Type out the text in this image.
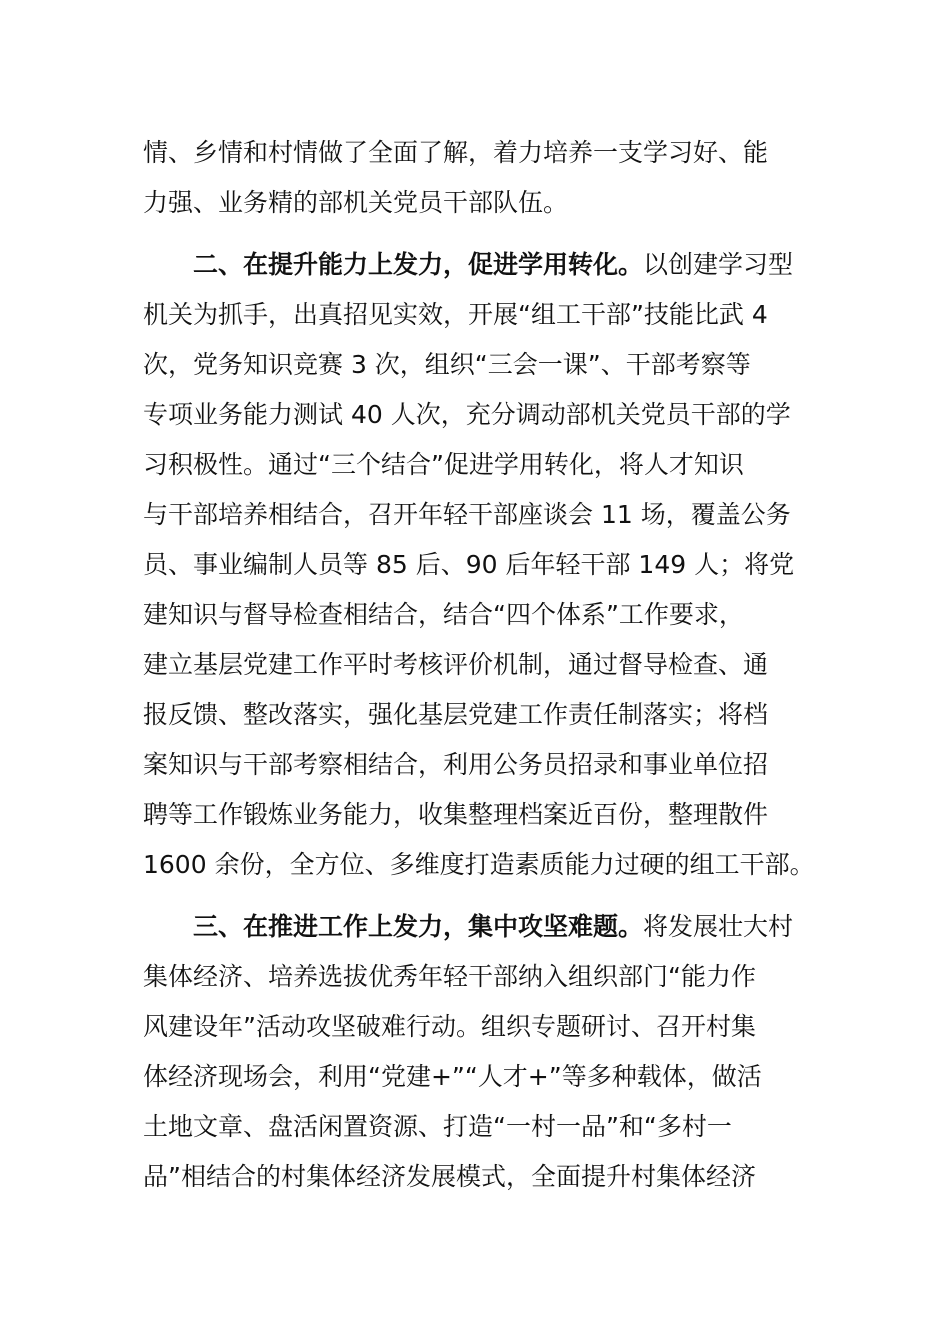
情、乡情和村情做了全面了解，着力培养一支学习好、能
力强、业务精的部机关党员干部队伍。
二、在提升能力上发力，促进学用转化。以创建学习型
机关为抓手，出真招见实效，开展“组工干部”技能比武 4
次，党务知识竞赛 3 次，组织“三会一课”、干部考察等
专项业务能力测试 40 人次，充分调动部机关党员干部的学
习积极性。通过“三个结合”促进学用转化，将人才知识
与干部培养相结合，召开年轻干部座谈会 11 场，覆盖公务
员、事业编制人员等 85 后、90 后年轻干部 149 人；将党
建知识与督导检查相结合，结合“四个体系”工作要求，
建立基层党建工作平时考核评价机制，通过督导检查、通
报反馈、整改落实，强化基层党建工作责任制落实；将档
案知识与干部考察相结合，利用公务员招录和事业单位招
聘等工作锻炼业务能力，收集整理档案近百份，整理散件
1600 余份，全方位、多维度打造素质能力过硬的组工干部。
三、在推进工作上发力，集中攻坚难题。将发展壮大村
集体经济、培养选拔优秀年轻干部纳入组织部门“能力作
风建设年”活动攻坚破难行动。组织专题研讨、召开村集
体经济现场会，利用“党建+”“人才+”等多种载体，做活
土地文章、盘活闲置资源、打造“一村一品”和“多村一
品”相结合的村集体经济发展模式，全面提升村集体经济
